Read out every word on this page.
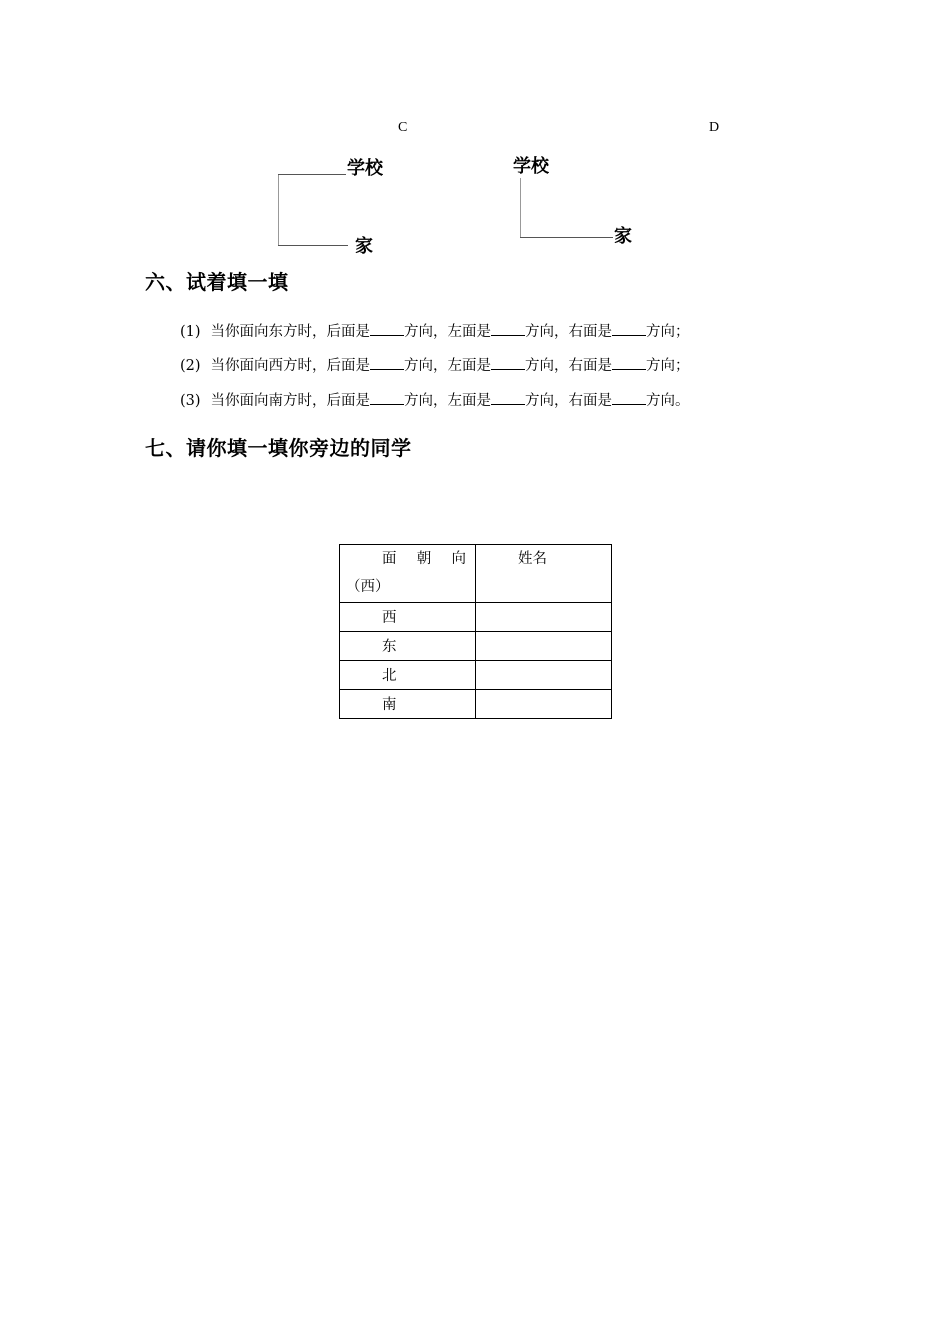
C
学校
家
D
学校
家
六、试着填一填
(1) 当你面向东方时，后面是 方向，左面是 方向，右面是 方向；
(2) 当你面向西方时，后面是 方向，左面是 方向，右面是 方向；
(3) 当你面向南方时，后面是 方向，左面是 方向，右面是 方向。
七、请你填一填你旁边的同学
面 朝 向
（西）	姓名

西	

东	

北	

南	
